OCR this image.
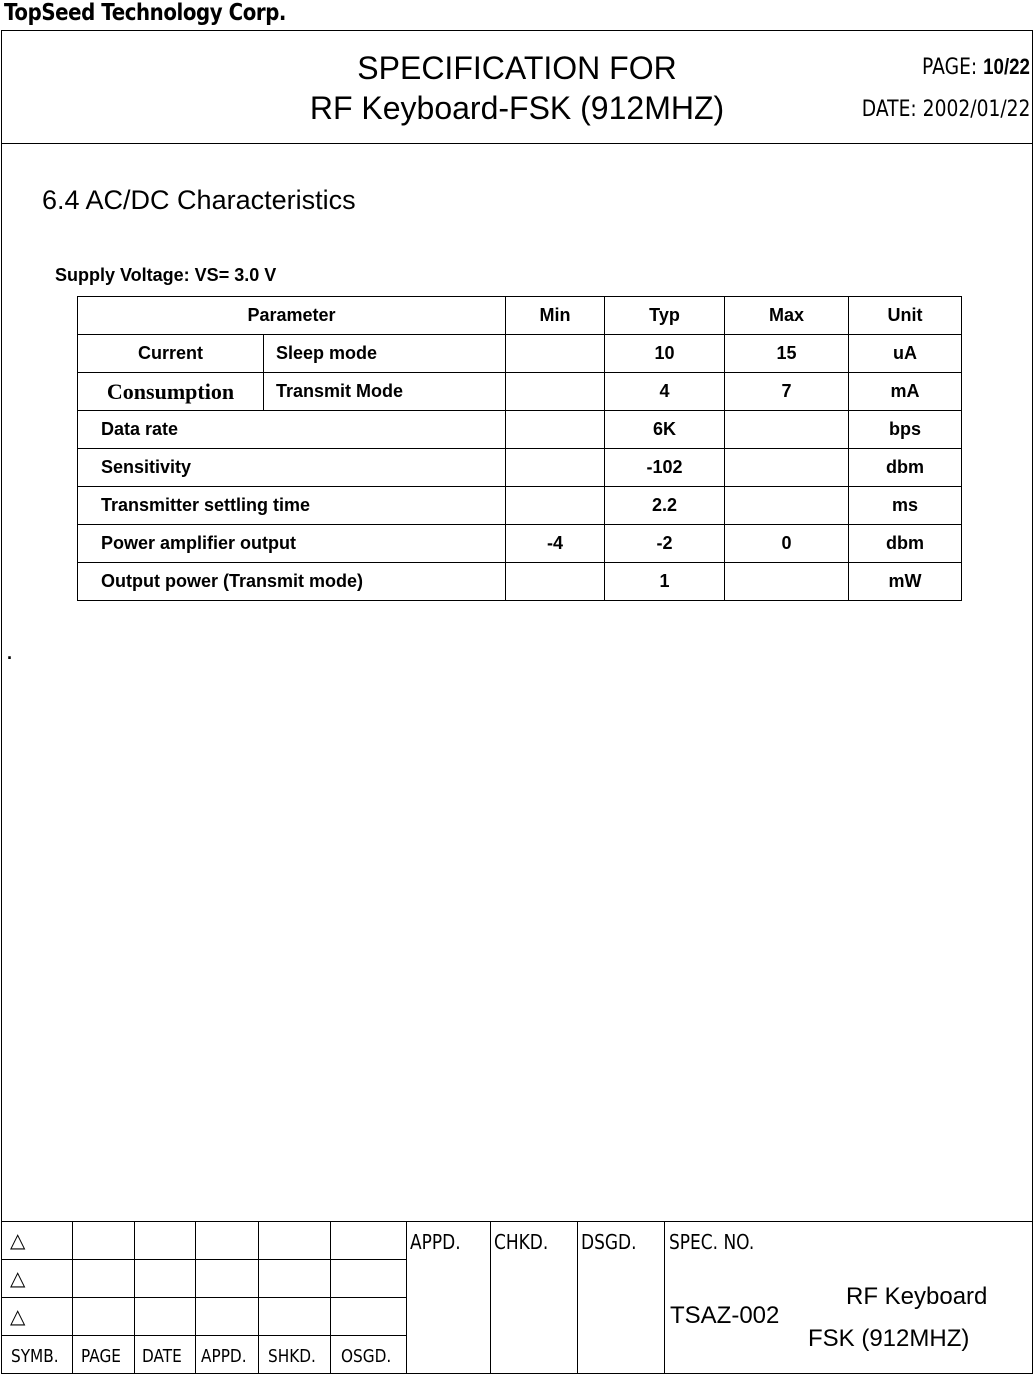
TopSeed Technology Corp.
SPECIFICATION FOR
RF Keyboard-FSK (912MHZ)
PAGE: 10/22
DATE: 2002/01/22
6.4 AC/DC Characteristics
Supply Voltage: VS= 3.0 V
Parameter		Min	Typ	Max	Unit
Current	Sleep mode		10	15	uA
Consumption	Transmit Mode		4	7	mA
Data rate			6K		bps
Sensitivity			-102		dbm
Transmitter settling time			2.2		ms
Power amplifier output		-4	-2	0	dbm
Output power (Transmit mode)			1		mW
.
△
△
△
SYMB. PAGE DATE APPD. SHKD. OSGD.
APPD. CHKD. DSGD. SPEC. NO.
TSAZ-002
RF Keyboard
FSK (912MHZ)
